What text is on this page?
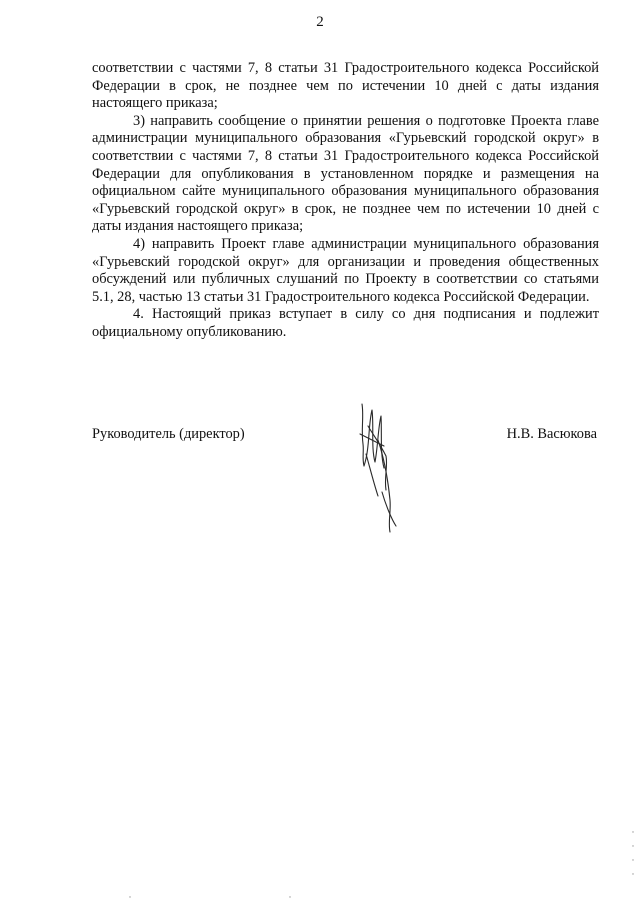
2

соответствии с частями 7, 8 статьи 31 Градостроительного кодекса Российской Федерации в срок, не позднее чем по истечении 10 дней с даты издания настоящего приказа;

3) направить сообщение о принятии решения о подготовке Проекта главе администрации муниципального образования «Гурьевский городской округ» в соответствии с частями 7, 8 статьи 31 Градостроительного кодекса Российской Федерации для опубликования в установленном порядке и размещения на официальном сайте муниципального образования муниципального образования «Гурьевский городской округ» в срок, не позднее чем по истечении 10 дней с даты издания настоящего приказа;

4) направить Проект главе администрации муниципального образования «Гурьевский городской округ» для организации и проведения общественных обсуждений или публичных слушаний по Проекту в соответствии со статьями 5.1, 28, частью 13 статьи 31 Градостроительного кодекса Российской Федерации.

4. Настоящий приказ вступает в силу со дня подписания и подлежит официальному опубликованию.

Руководитель (директор)	Н.В. Васюкова
